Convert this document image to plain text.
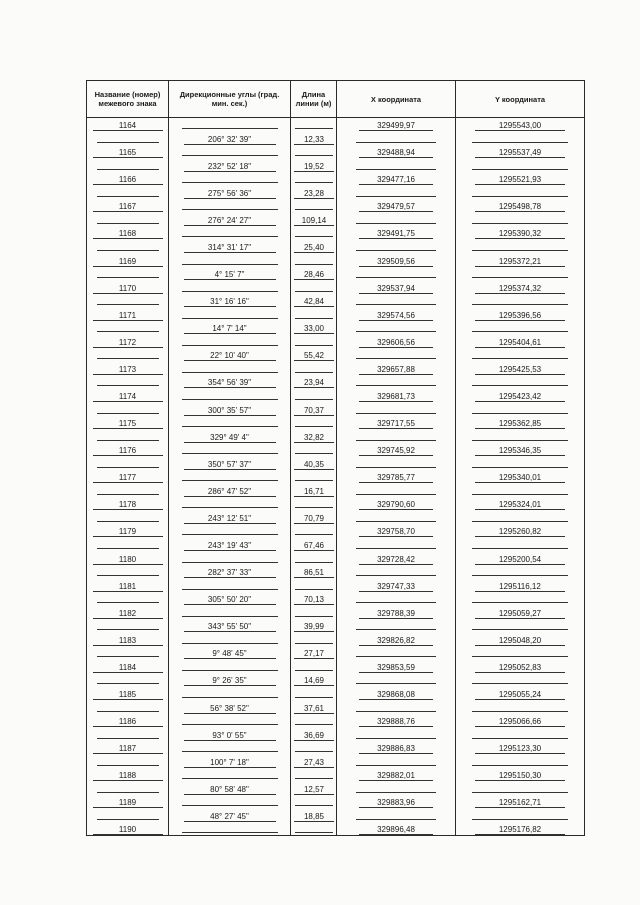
Название (номер) межевого знака	Дирекционные углы (град. мин. сек.)	Длина линии (м)	X координата	Y координата
1164			329499,97	1295543,00
	206° 32' 39"	12,33		
1165			329488,94	1295537,49
	232° 52' 18"	19,52		
1166			329477,16	1295521,93
	275° 56' 36"	23,28		
1167			329479,57	1295498,78
	276° 24' 27"	109,14		
1168			329491,75	1295390,32
	314° 31' 17"	25,40		
1169			329509,56	1295372,21
	4° 15' 7"	28,46		
1170			329537,94	1295374,32
	31° 16' 16"	42,84		
1171			329574,56	1295396,56
	14° 7' 14"	33,00		
1172			329606,56	1295404,61
	22° 10' 40"	55,42		
1173			329657,88	1295425,53
	354° 56' 39"	23,94		
1174			329681,73	1295423,42
	300° 35' 57"	70,37		
1175			329717,55	1295362,85
	329° 49' 4"	32,82		
1176			329745,92	1295346,35
	350° 57' 37"	40,35		
1177			329785,77	1295340,01
	286° 47' 52"	16,71		
1178			329790,60	1295324,01
	243° 12' 51"	70,79		
1179			329758,70	1295260,82
	243° 19' 43"	67,46		
1180			329728,42	1295200,54
	282° 37' 33"	86,51		
1181			329747,33	1295116,12
	305° 50' 20"	70,13		
1182			329788,39	1295059,27
	343° 55' 50"	39,99		
1183			329826,82	1295048,20
	9° 48' 45"	27,17		
1184			329853,59	1295052,83
	9° 26' 35"	14,69		
1185			329868,08	1295055,24
	56° 38' 52"	37,61		
1186			329888,76	1295066,66
	93° 0' 55"	36,69		
1187			329886,83	1295123,30
	100° 7' 18"	27,43		
1188			329882,01	1295150,30
	80° 58' 48"	12,57		
1189			329883,96	1295162,71
	48° 27' 45"	18,85		
1190			329896,48	1295176,82
